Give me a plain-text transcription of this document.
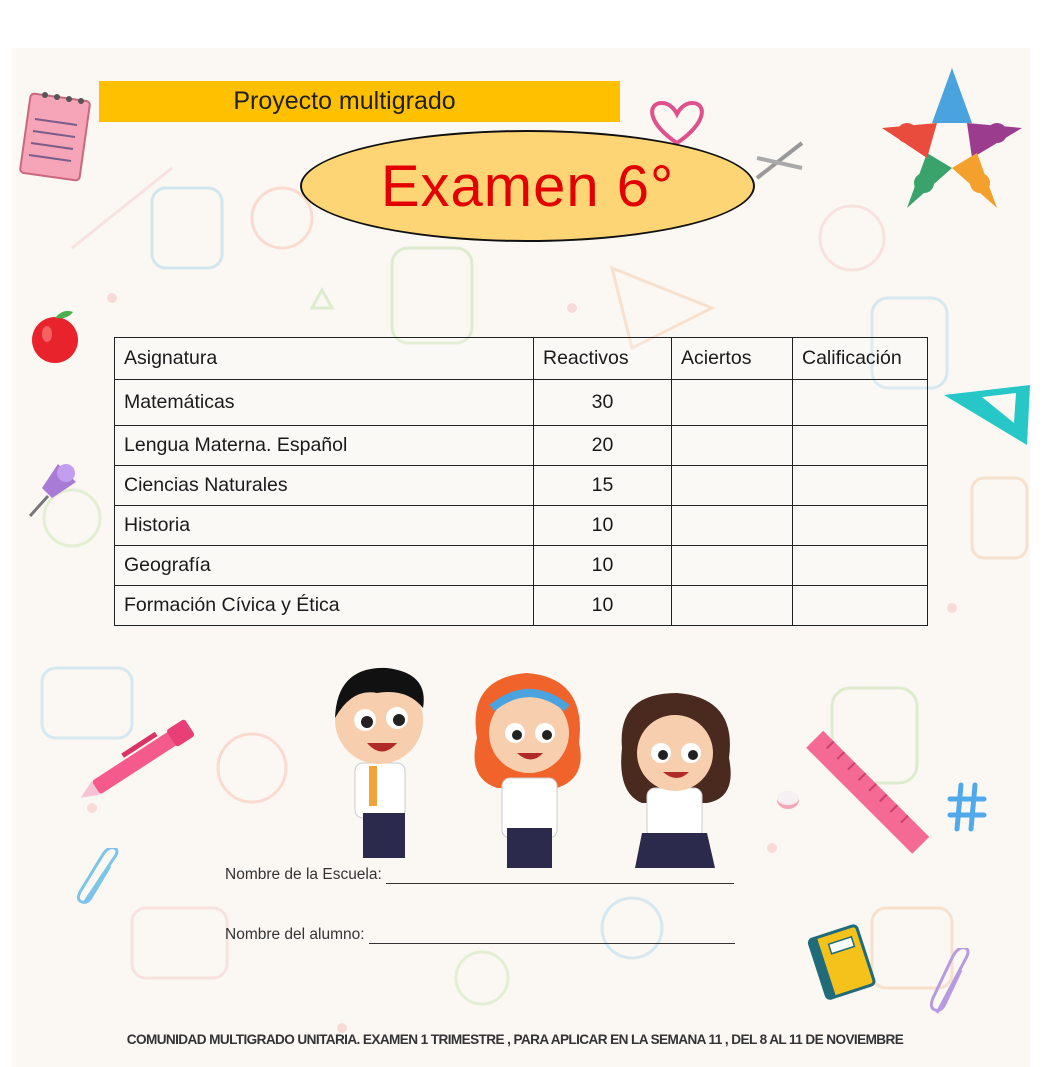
Proyecto multigrado
Examen 6°
Asignatura	Reactivos	Aciertos	Calificación
Matemáticas	30		
Lengua Materna. Español	20		
Ciencias Naturales	15		
Historia	10		
Geografía	10		
Formación Cívica y Ética	10		
Nombre de la Escuela:
Nombre del alumno:
COMUNIDAD MULTIGRADO UNITARIA. EXAMEN 1 TRIMESTRE , PARA APLICAR EN LA SEMANA 11 , DEL 8 AL 11 DE NOVIEMBRE
